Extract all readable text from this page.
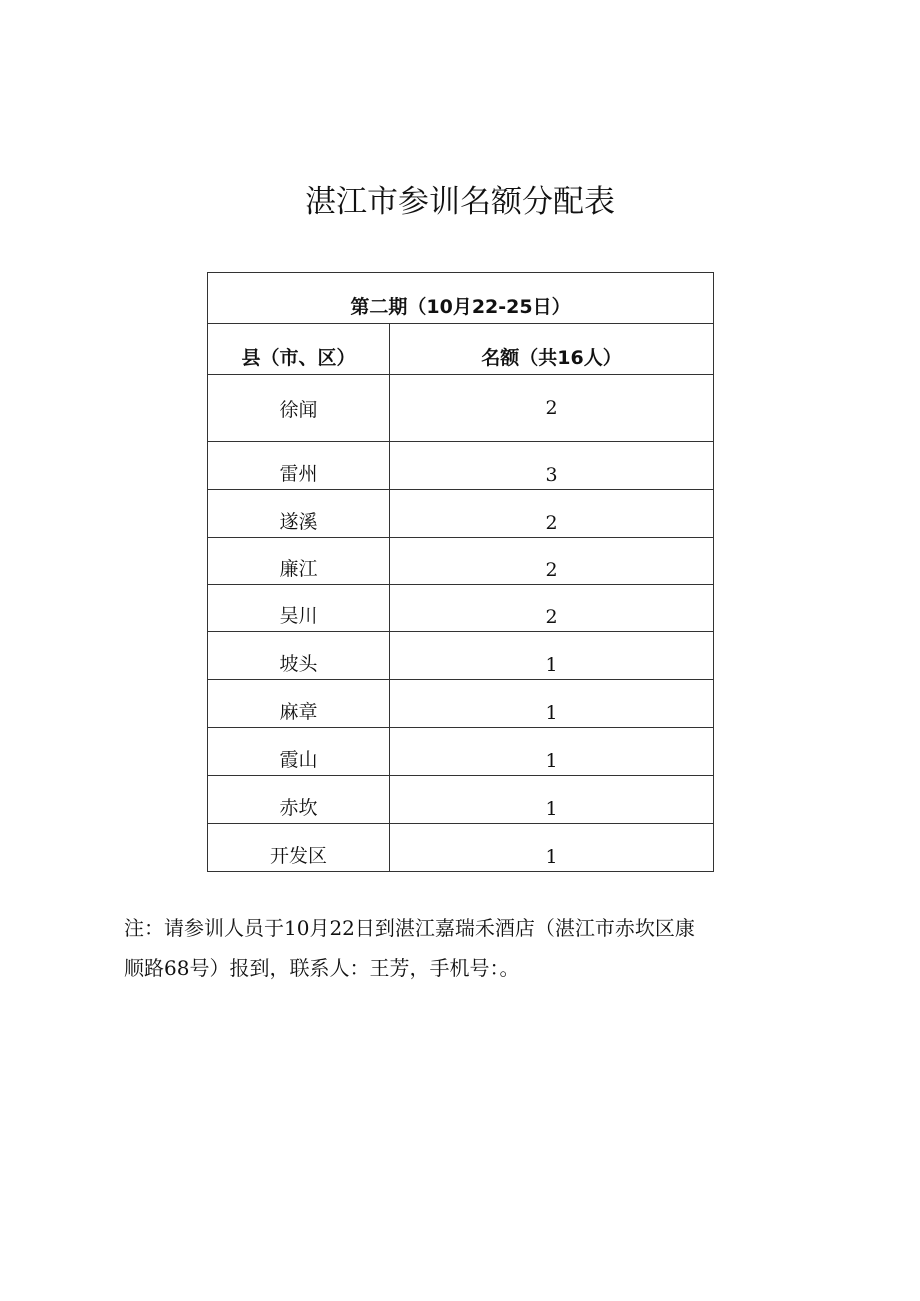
湛江市参训名额分配表
第二期（10月22-25日）	
县（市、区）	名额（共16人）
徐闻	2
雷州	3
遂溪	2
廉江	2
吴川	2
坡头	1
麻章	1
霞山	1
赤坎	1
开发区	1
注：请参训人员于10月22日到湛江嘉瑞禾酒店（湛江市赤坎区康
顺路68号）报到，联系人：王芳，手机号：。
